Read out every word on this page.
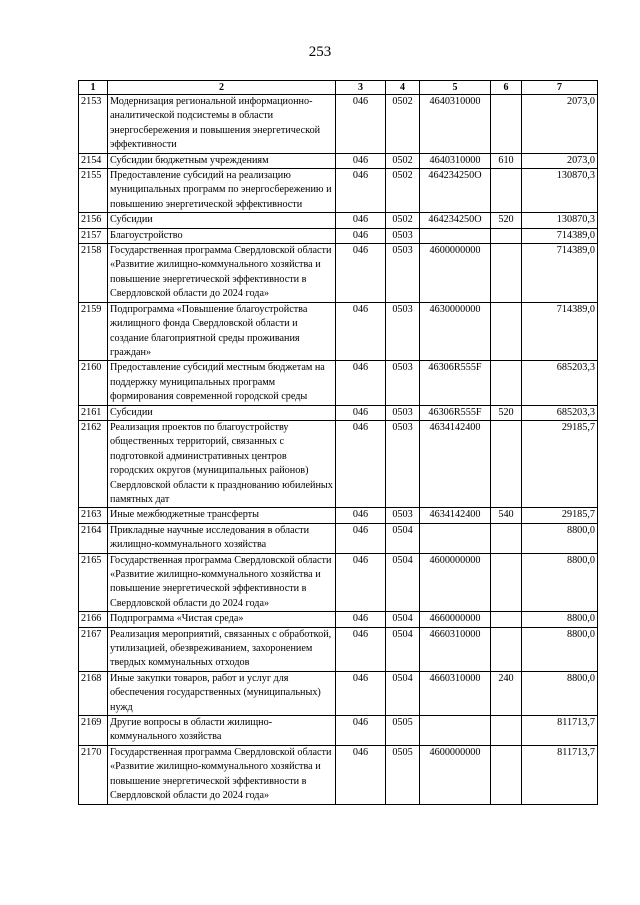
253
1	2	3	4	5	6	7
2153	Модернизация региональной информационно-аналитической подсистемы в области энергосбережения и повышения энергетической эффективности	046	0502	4640310000		2073,0
2154	Субсидии бюджетным учреждениям	046	0502	4640310000	610	2073,0
2155	Предоставление субсидий на реализацию муниципальных программ по энергосбережению и повышению энергетической эффективности	046	0502	464234250О		130870,3
2156	Субсидии	046	0502	464234250О	520	130870,3
2157	Благоустройство	046	0503			714389,0
2158	Государственная программа Свердловской области «Развитие жилищно-коммунального хозяйства и повышение энергетической эффективности в Свердловской области до 2024 года»	046	0503	4600000000		714389,0
2159	Подпрограмма «Повышение благоустройства жилищного фонда Свердловской области и создание благоприятной среды проживания граждан»	046	0503	4630000000		714389,0
2160	Предоставление субсидий местным бюджетам на поддержку муниципальных программ формирования современной городской среды	046	0503	46306R555F		685203,3
2161	Субсидии	046	0503	46306R555F	520	685203,3
2162	Реализация проектов по благоустройству общественных территорий, связанных с подготовкой административных центров городских округов (муниципальных районов) Свердловской области к празднованию юбилейных памятных дат	046	0503	4634142400		29185,7
2163	Иные межбюджетные трансферты	046	0503	4634142400	540	29185,7
2164	Прикладные научные исследования в области жилищно-коммунального хозяйства	046	0504			8800,0
2165	Государственная программа Свердловской области «Развитие жилищно-коммунального хозяйства и повышение энергетической эффективности в Свердловской области до 2024 года»	046	0504	4600000000		8800,0
2166	Подпрограмма «Чистая среда»	046	0504	4660000000		8800,0
2167	Реализация мероприятий, связанных с обработкой, утилизацией, обезвреживанием, захоронением твердых коммунальных отходов	046	0504	4660310000		8800,0
2168	Иные закупки товаров, работ и услуг для обеспечения государственных (муниципальных) нужд	046	0504	4660310000	240	8800,0
2169	Другие вопросы в области жилищно-коммунального хозяйства	046	0505			811713,7
2170	Государственная программа Свердловской области «Развитие жилищно-коммунального хозяйства и повышение энергетической эффективности в Свердловской области до 2024 года»	046	0505	4600000000		811713,7
